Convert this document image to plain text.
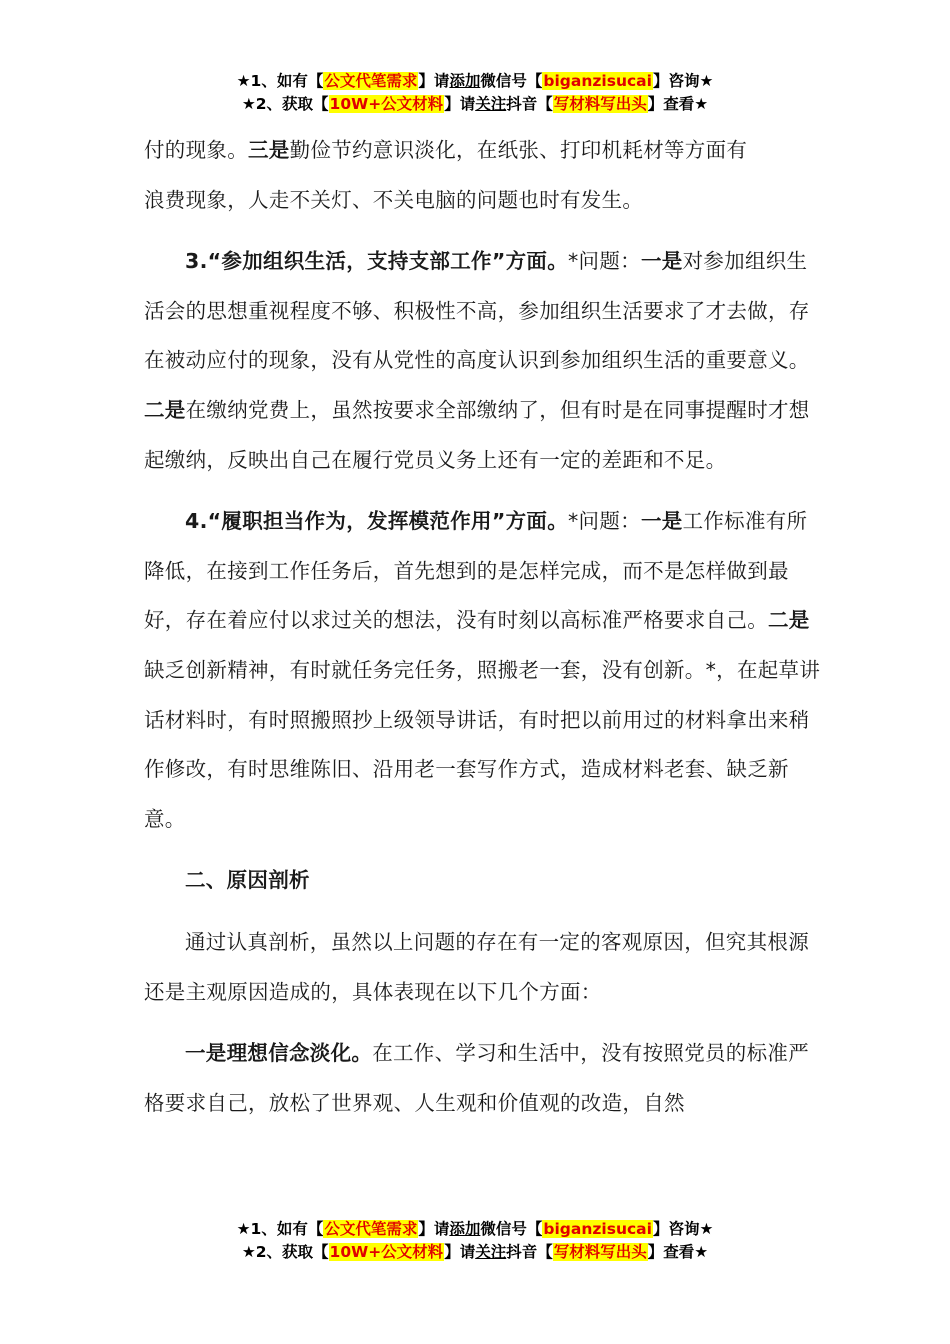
★1、如有【公文代笔需求】请添加微信号【biganzisucai】咨询★
★2、获取【10W+公文材料】请关注抖音【写材料写出头】查看★

付的现象。三是勤俭节约意识淡化，在纸张、打印机耗材等方面有
浪费现象，人走不关灯、不关电脑的问题也时有发生。

3.“参加组织生活，支持支部工作”方面。*问题：一是对参加组织生活会的思想重视程度不够、积极性不高，参加组织生活要求了才去做，存在被动应付的现象，没有从党性的高度认识到参加组织生活的重要意义。二是在缴纳党费上，虽然按要求全部缴纳了，但有时是在同事提醒时才想起缴纳，反映出自己在履行党员义务上还有一定的差距和不足。

4.“履职担当作为，发挥模范作用”方面。*问题：一是工作标准有所降低，在接到工作任务后，首先想到的是怎样完成，而不是怎样做到最好，存在着应付以求过关的想法，没有时刻以高标准严格要求自己。二是缺乏创新精神，有时就任务完任务，照搬老一套，没有创新。*，在起草讲话材料时，有时照搬照抄上级领导讲话，有时把以前用过的材料拿出来稍作修改，有时思维陈旧、沿用老一套写作方式，造成材料老套、缺乏新意。

二、原因剖析

通过认真剖析，虽然以上问题的存在有一定的客观原因，但究其根源还是主观原因造成的，具体表现在以下几个方面：

一是理想信念淡化。在工作、学习和生活中，没有按照党员的标准严格要求自己，放松了世界观、人生观和价值观的改造，自然

★1、如有【公文代笔需求】请添加微信号【biganzisucai】咨询★
★2、获取【10W+公文材料】请关注抖音【写材料写出头】查看★
